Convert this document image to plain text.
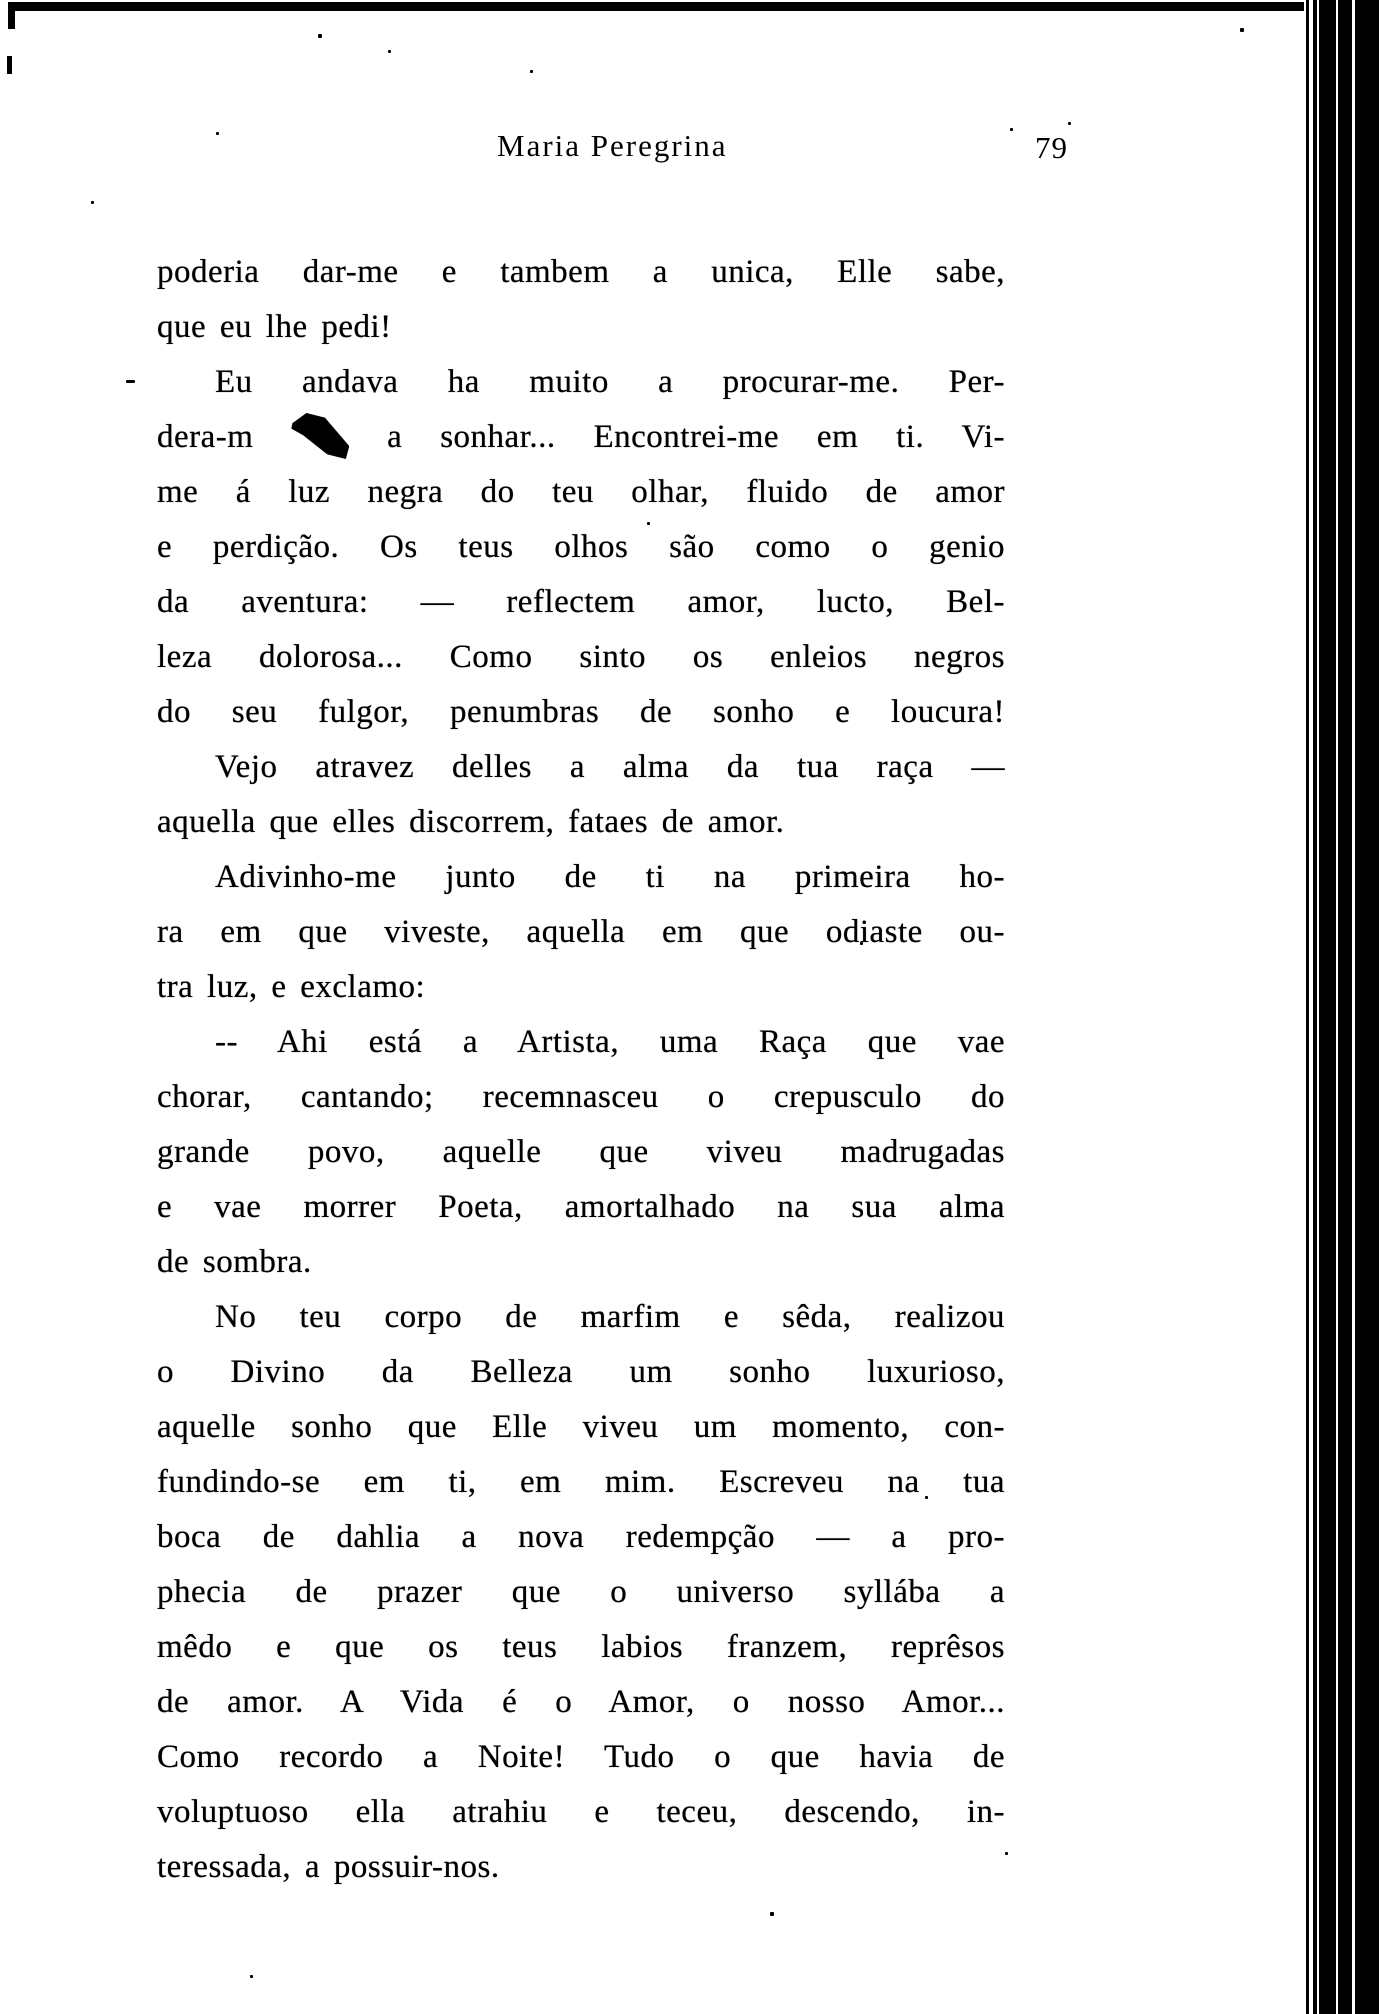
Maria Peregrina	79
poderia dar-me e tambem a unica, Elle sabe,
que eu lhe pedi!
Eu andava ha muito a procurar-me. Per-
dera-m  a sonhar... Encontrei-me em ti. Vi-
me á luz negra do teu olhar, fluido de amor
e perdição. Os teus olhos são como o genio
da aventura: — reflectem amor, lucto, Bel-
leza dolorosa... Como sinto os enleios negros
do seu fulgor, penumbras de sonho e loucura!
Vejo atravez delles a alma da tua raça —
aquella que elles discorrem, fataes de amor.
Adivinho-me junto de ti na primeira ho-
ra em que viveste, aquella em que odiaste ou-
tra luz, e exclamo:
-- Ahi está a Artista, uma Raça que vae
chorar, cantando; recemnasceu o crepusculo do
grande povo, aquelle que viveu madrugadas
e vae morrer Poeta, amortalhado na sua alma
de sombra.
No teu corpo de marfim e sêda, realizou
o Divino da Belleza um sonho luxurioso,
aquelle sonho que Elle viveu um momento, con-
fundindo-se em ti, em mim. Escreveu na tua
boca de dahlia a nova redempção — a pro-
phecia de prazer que o universo syllába a
mêdo e que os teus labios franzem, reprêsos
de amor. A Vida é o Amor, o nosso Amor...
Como recordo a Noite! Tudo o que havia de
voluptuoso ella atrahiu e teceu, descendo, in-
teressada, a possuir-nos.
